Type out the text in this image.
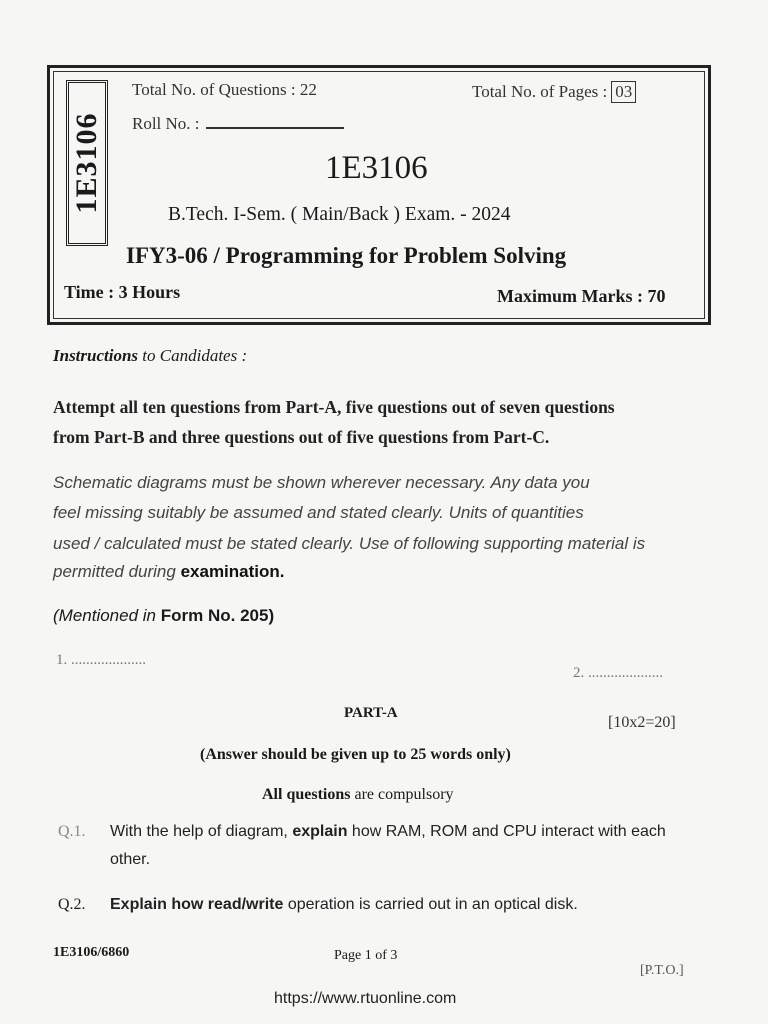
1E3106
Total No. of Questions : 22	Total No. of Pages : 03
Roll No. :
1E3106
B.Tech. I-Sem. ( Main/Back ) Exam. - 2024
IFY3-06 / Programming for Problem Solving
Time : 3 Hours	Maximum Marks : 70
Instructions to Candidates :
Attempt all ten questions from Part-A, five questions out of seven questions
from Part-B and three questions out of five questions from Part-C.
Schematic diagrams must be shown wherever necessary. Any data you
feel missing suitably be assumed and stated clearly. Units of quantities
used / calculated must be stated clearly. Use of following supporting material is
permitted during examination.
(Mentioned in Form No. 205)
1. ....................
2. ....................
PART-A
[10x2=20]
(Answer should be given up to 25 words only)
All questions are compulsory
Q.1. With the help of diagram, explain how RAM, ROM and CPU interact with each
other.
Q.2. Explain how read/write operation is carried out in an optical disk.
1E3106/6860	Page 1 of 3
[P.T.O.]
https://www.rtuonline.com
